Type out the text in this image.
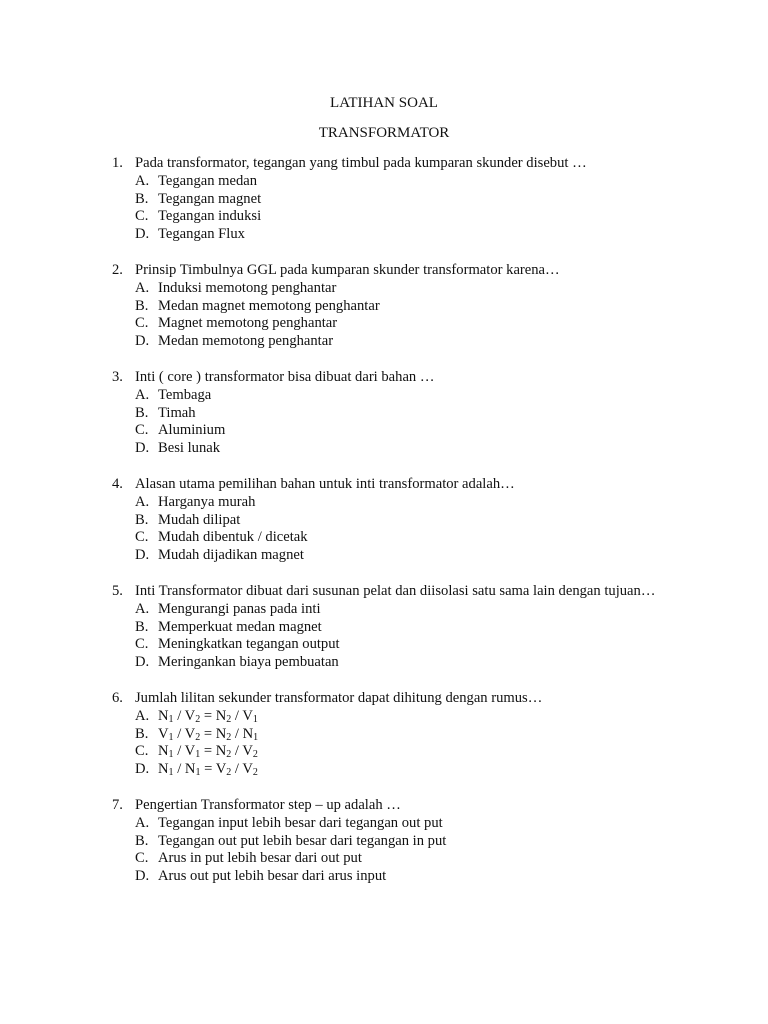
LATIHAN SOAL
TRANSFORMATOR
1. Pada transformator, tegangan yang timbul pada kumparan skunder disebut …
A. Tegangan medan
B. Tegangan magnet
C. Tegangan induksi
D. Tegangan Flux
2. Prinsip Timbulnya GGL pada kumparan skunder transformator karena…
A. Induksi memotong penghantar
B. Medan magnet memotong penghantar
C. Magnet memotong penghantar
D. Medan memotong penghantar
3. Inti ( core ) transformator bisa dibuat dari bahan …
A. Tembaga
B. Timah
C. Aluminium
D. Besi lunak
4. Alasan utama pemilihan bahan untuk inti transformator adalah…
A. Harganya murah
B. Mudah dilipat
C. Mudah dibentuk / dicetak
D. Mudah dijadikan magnet
5. Inti Transformator dibuat dari susunan pelat dan diisolasi satu sama lain dengan tujuan…
A. Mengurangi panas pada inti
B. Memperkuat medan magnet
C. Meningkatkan tegangan output
D. Meringankan biaya pembuatan
6. Jumlah lilitan sekunder transformator dapat dihitung dengan rumus…
A. $N_1 / V_2 = N_2 / V_1$
B. $V_1 / V_2 = N_2 / N_1$
C. $N_1 / V_1 = N_2 / V_2$
D. $N_1 / N_1 = V_2 / V_2$
7. Pengertian Transformator step – up adalah …
A. Tegangan input lebih besar dari tegangan out put
B. Tegangan out put lebih besar dari tegangan in put
C. Arus in put lebih besar dari out put
D. Arus out put lebih besar dari arus input
